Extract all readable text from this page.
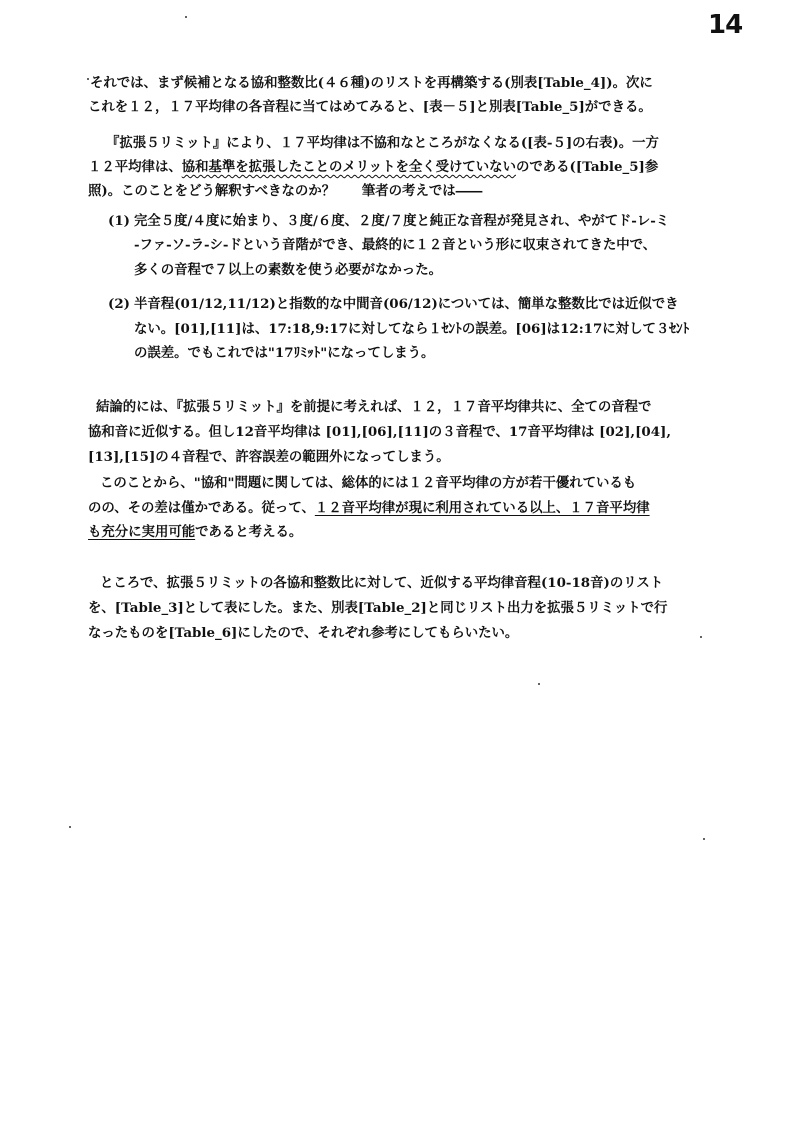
14
それでは、まず候補となる協和整数比(４６種)のリストを再構築する(別表[Table_4])。次に
これを１２，１７平均律の各音程に当てはめてみると、[表－５]と別表[Table_5]ができる。
『拡張５リミット』により、１７平均律は不協和なところがなくなる([表-５]の右表)。一方
１２平均律は、協和基準を拡張したことのメリットを全く受けていないのである([Table_5]参
照)。このことをどう解釈すべきなのか？　　筆者の考えでは――
(1) 完全５度/４度に始まり、３度/６度、２度/７度と純正な音程が発見され、やがてド-レ-ミ
-ファ-ソ-ラ-シ-ドという音階ができ、最終的に１２音という形に収束されてきた中で、
多くの音程で７以上の素数を使う必要がなかった。
(2) 半音程(01/12,11/12)と指数的な中間音(06/12)については、簡単な整数比では近似でき
ない。[01],[11]は、17:18,9:17に対してなら１ｾﾝﾄの誤差。[06]は12:17に対して３ｾﾝﾄ
の誤差。でもこれでは"17ﾘﾐｯﾄ"になってしまう。
結論的には、『拡張５リミット』を前提に考えれば、１２，１７音平均律共に、全ての音程で
協和音に近似する。但し12音平均律は [01],[06],[11]の３音程で、17音平均律は [02],[04],
[13],[15]の４音程で、許容誤差の範囲外になってしまう。
このことから、"協和"問題に関しては、総体的には１２音平均律の方が若干優れているも
のの、その差は僅かである。従って、１２音平均律が現に利用されている以上、１７音平均律
も充分に実用可能であると考える。
ところで、拡張５リミットの各協和整数比に対して、近似する平均律音程(10-18音)のリスト
を、[Table_3]として表にした。また、別表[Table_2]と同じリスト出力を拡張５リミットで行
なったものを[Table_6]にしたので、それぞれ参考にしてもらいたい。
